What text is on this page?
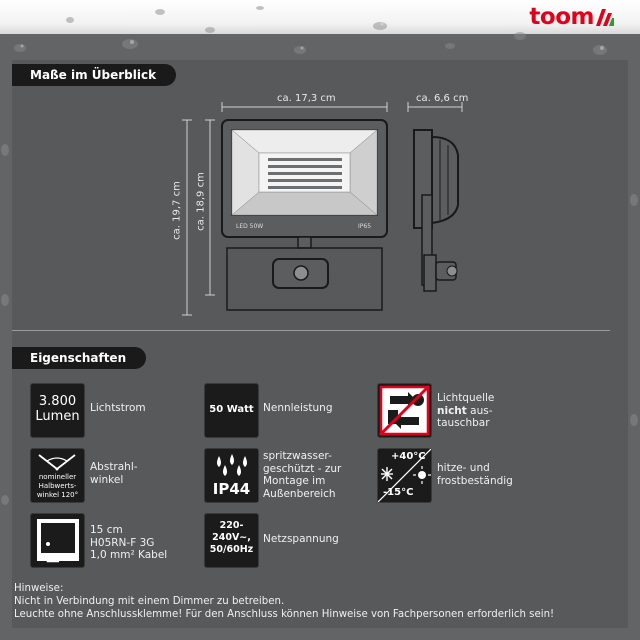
toom
Maße im Überblick
LED 50W	IP65
ca. 17,3 cm	ca. 6,6 cm
ca. 19,7 cm ca. 18,9 cm
Eigenschaften
3.800
Lumen
Lichtstrom	50 Watt Nennleistung
Lichtquelle
nicht aus-
tauschbar
nomineller
Halbwerts-
winkel 120°
Abstrahl-
winkel
IP44
spritzwasser-
geschützt - zur
Montage im
Außenbereich
+40°C
-15°C
hitze- und
frostbeständig
15 cm
H05RN-F 3G
1,0 mm² Kabel
220-
240V~,
50/60Hz
Netzspannung
Hinweise:
Nicht in Verbindung mit einem Dimmer zu betreiben.
Leuchte ohne Anschlussklemme! Für den Anschluss können Hinweise von Fachpersonen erforderlich sein!
